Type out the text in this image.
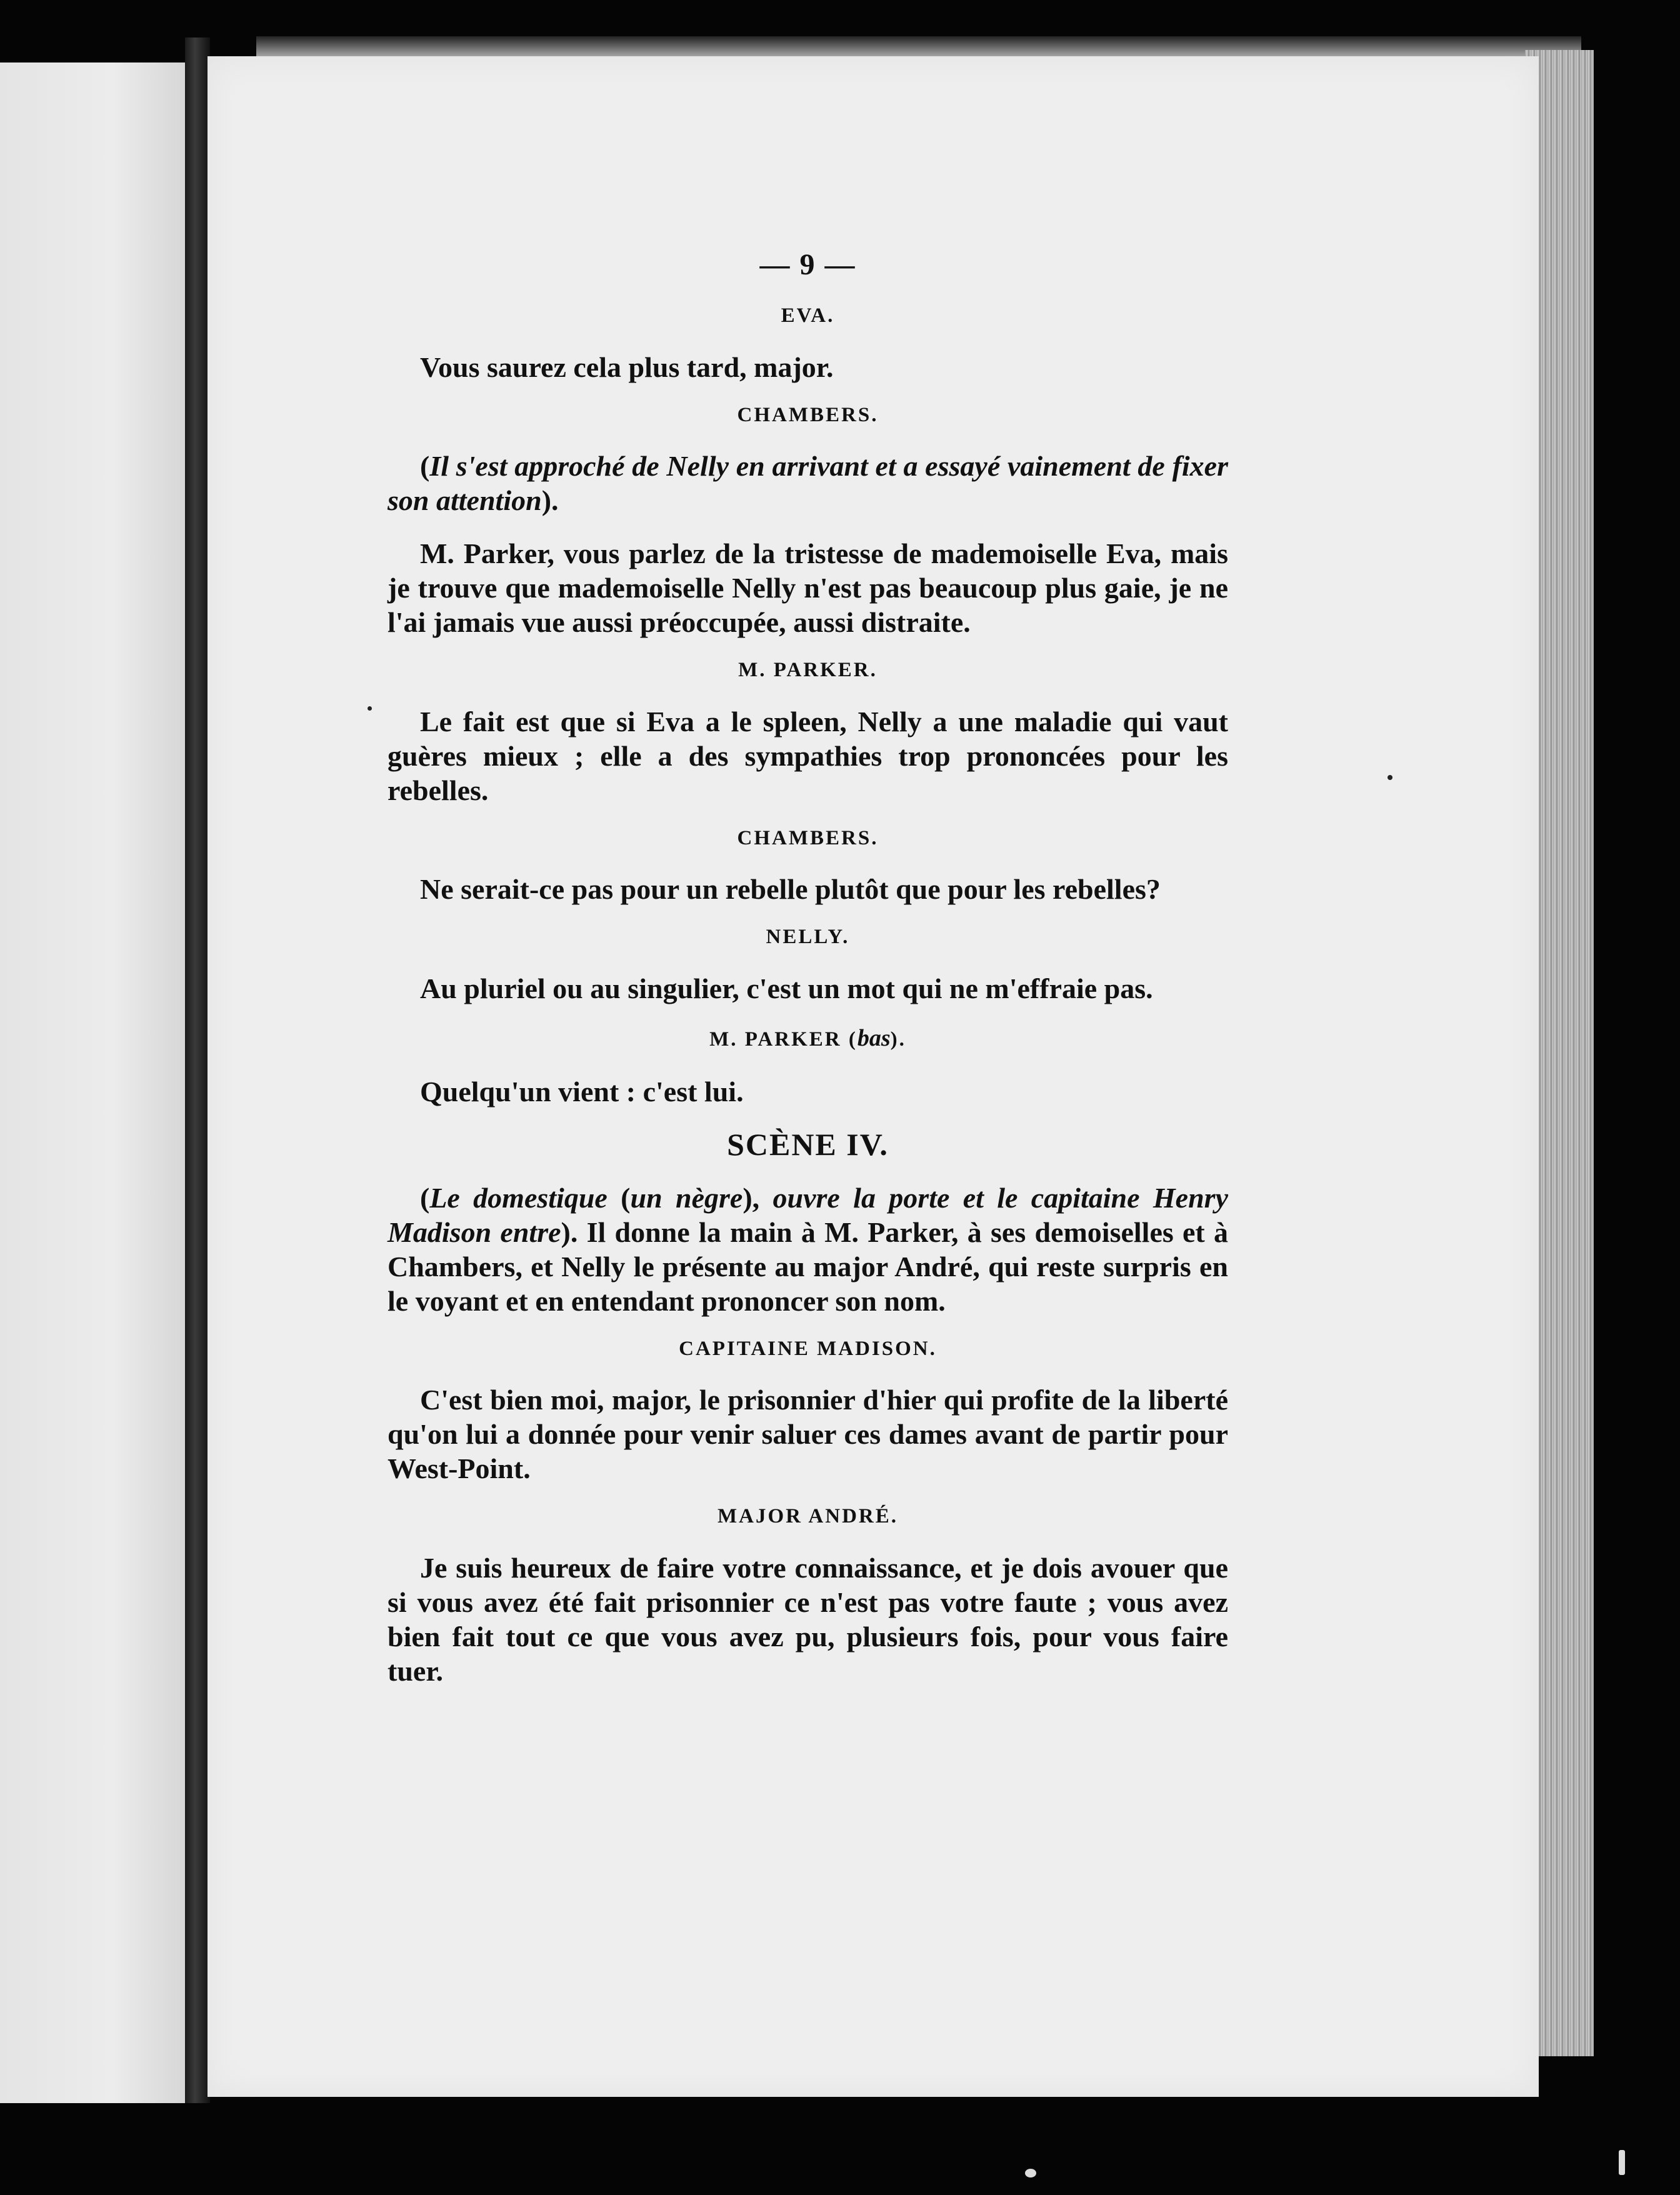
— 9 —
EVA.
Vous saurez cela plus tard, major.
CHAMBERS.
(Il s'est approché de Nelly en arrivant et a essayé vainement de fixer son attention).
M. Parker, vous parlez de la tristesse de mademoiselle Eva, mais je trouve que mademoiselle Nelly n'est pas beaucoup plus gaie, je ne l'ai jamais vue aussi préoccupée, aussi distraite.
M. PARKER.
Le fait est que si Eva a le spleen, Nelly a une maladie qui vaut guères mieux ; elle a des sympathies trop prononcées pour les rebelles.
CHAMBERS.
Ne serait-ce pas pour un rebelle plutôt que pour les rebelles?
NELLY.
Au pluriel ou au singulier, c'est un mot qui ne m'effraie pas.
M. PARKER (bas).
Quelqu'un vient : c'est lui.
SCÈNE IV.
(Le domestique (un nègre), ouvre la porte et le capitaine Henry Madison entre). Il donne la main à M. Parker, à ses demoiselles et à Chambers, et Nelly le présente au major André, qui reste surpris en le voyant et en entendant prononcer son nom.
CAPITAINE MADISON.
C'est bien moi, major, le prisonnier d'hier qui profite de la liberté qu'on lui a donnée pour venir saluer ces dames avant de partir pour West-Point.
MAJOR ANDRÉ.
Je suis heureux de faire votre connaissance, et je dois avouer que si vous avez été fait prisonnier ce n'est pas votre faute ; vous avez bien fait tout ce que vous avez pu, plusieurs fois, pour vous faire tuer.
